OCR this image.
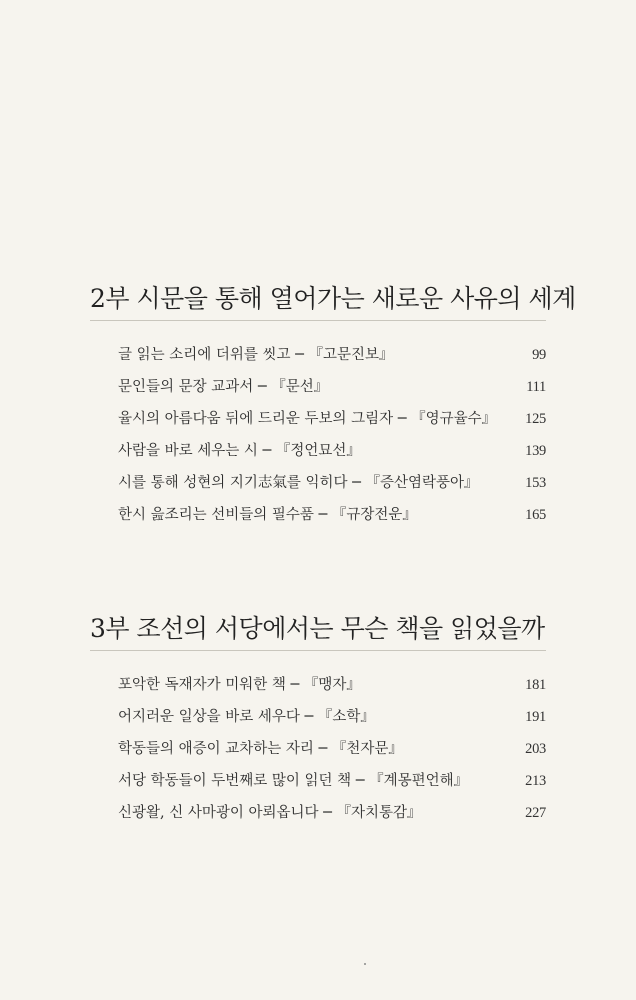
2부 시문을 통해 열어가는 새로운 사유의 세계
글 읽는 소리에 더위를 씻고 ─ 『고문진보』	99
문인들의 문장 교과서 ─ 『문선』	111
율시의 아름다움 뒤에 드리운 두보의 그림자 ─ 『영규율수』 125
사람을 바로 세우는 시 ─ 『정언묘선』	139
시를 통해 성현의 지기志氣를 익히다 ─ 『증산염락풍아』	153
한시 읊조리는 선비들의 필수품 ─ 『규장전운』	165
3부 조선의 서당에서는 무슨 책을 읽었을까
포악한 독재자가 미워한 책 ─ 『맹자』	181
어지러운 일상을 바로 세우다 ─ 『소학』	191
학동들의 애증이 교차하는 자리 ─ 『천자문』	203
서당 학동들이 두번째로 많이 읽던 책 ─ 『계몽편언해』	213
신광왈, 신 사마광이 아뢰옵니다 ─ 『자치통감』	227
